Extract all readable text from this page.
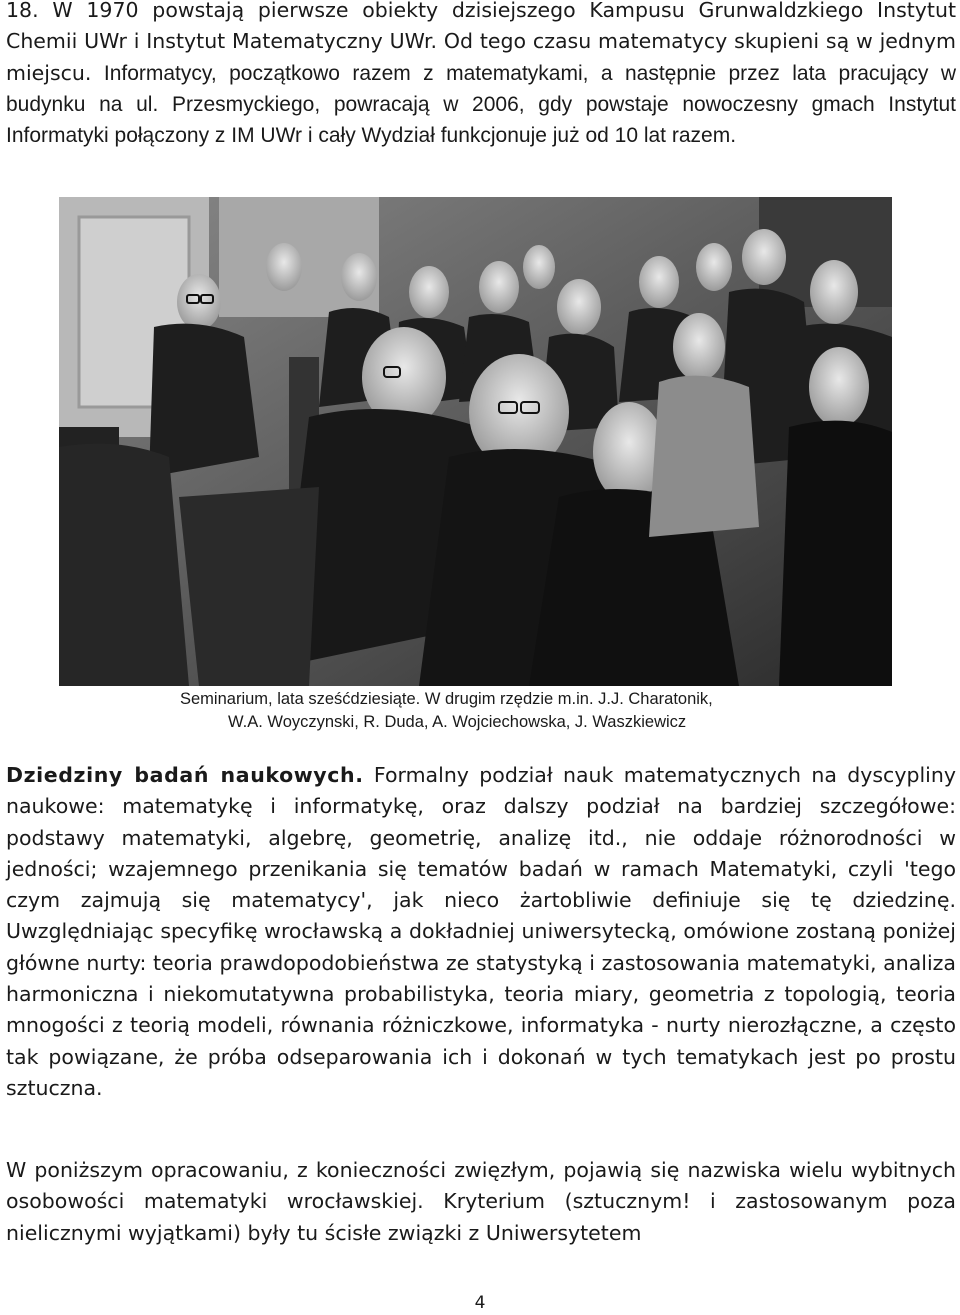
18. W 1970 powstają pierwsze obiekty dzisiejszego Kampusu Grunwaldzkiego Instytut Chemii UWr i Instytut Matematyczny UWr. Od tego czasu matematycy skupieni są w jednym miejscu. Informatycy, początkowo razem z matematykami, a następnie przez lata pracujący w budynku na ul. Przesmyckiego, powracają w 2006, gdy powstaje nowoczesny gmach Instytut Informatyki połączony z IM UWr i cały Wydział funkcjonuje już od 10 lat razem.

Seminarium, lata sześćdziesiąte. W drugim rzędzie m.in. J.J. Charatonik,
W.A. Woyczynski, R. Duda, A. Wojciechowska, J. Waszkiewicz

Dziedziny badań naukowych. Formalny podział nauk matematycznych na dyscypliny naukowe: matematykę i informatykę, oraz dalszy podział na bardziej szczegółowe: podstawy matematyki, algebrę, geometrię, analizę itd., nie oddaje różnorodności w jedności; wzajemnego przenikania się tematów badań w ramach Matematyki, czyli 'tego czym zajmują się matematycy', jak nieco żartobliwie definiuje się tę dziedzinę. Uwzględniając specyfikę wrocławską a dokładniej uniwersytecką, omówione zostaną poniżej główne nurty: teoria prawdopodobieństwa ze statystyką i zastosowania matematyki, analiza harmoniczna i niekomutatywna probabilistyka, teoria miary, geometria z topologią, teoria mnogości z teorią modeli, równania różniczkowe, informatyka - nurty nierozłączne, a często tak powiązane, że próba odseparowania ich i dokonań w tych tematykach jest po prostu sztuczna.

W poniższym opracowaniu, z konieczności zwięzłym, pojawią się nazwiska wielu wybitnych osobowości matematyki wrocławskiej. Kryterium (sztucznym! i zastosowanym poza nielicznymi wyjątkami) były tu ścisłe związki z Uniwersytetem

4
